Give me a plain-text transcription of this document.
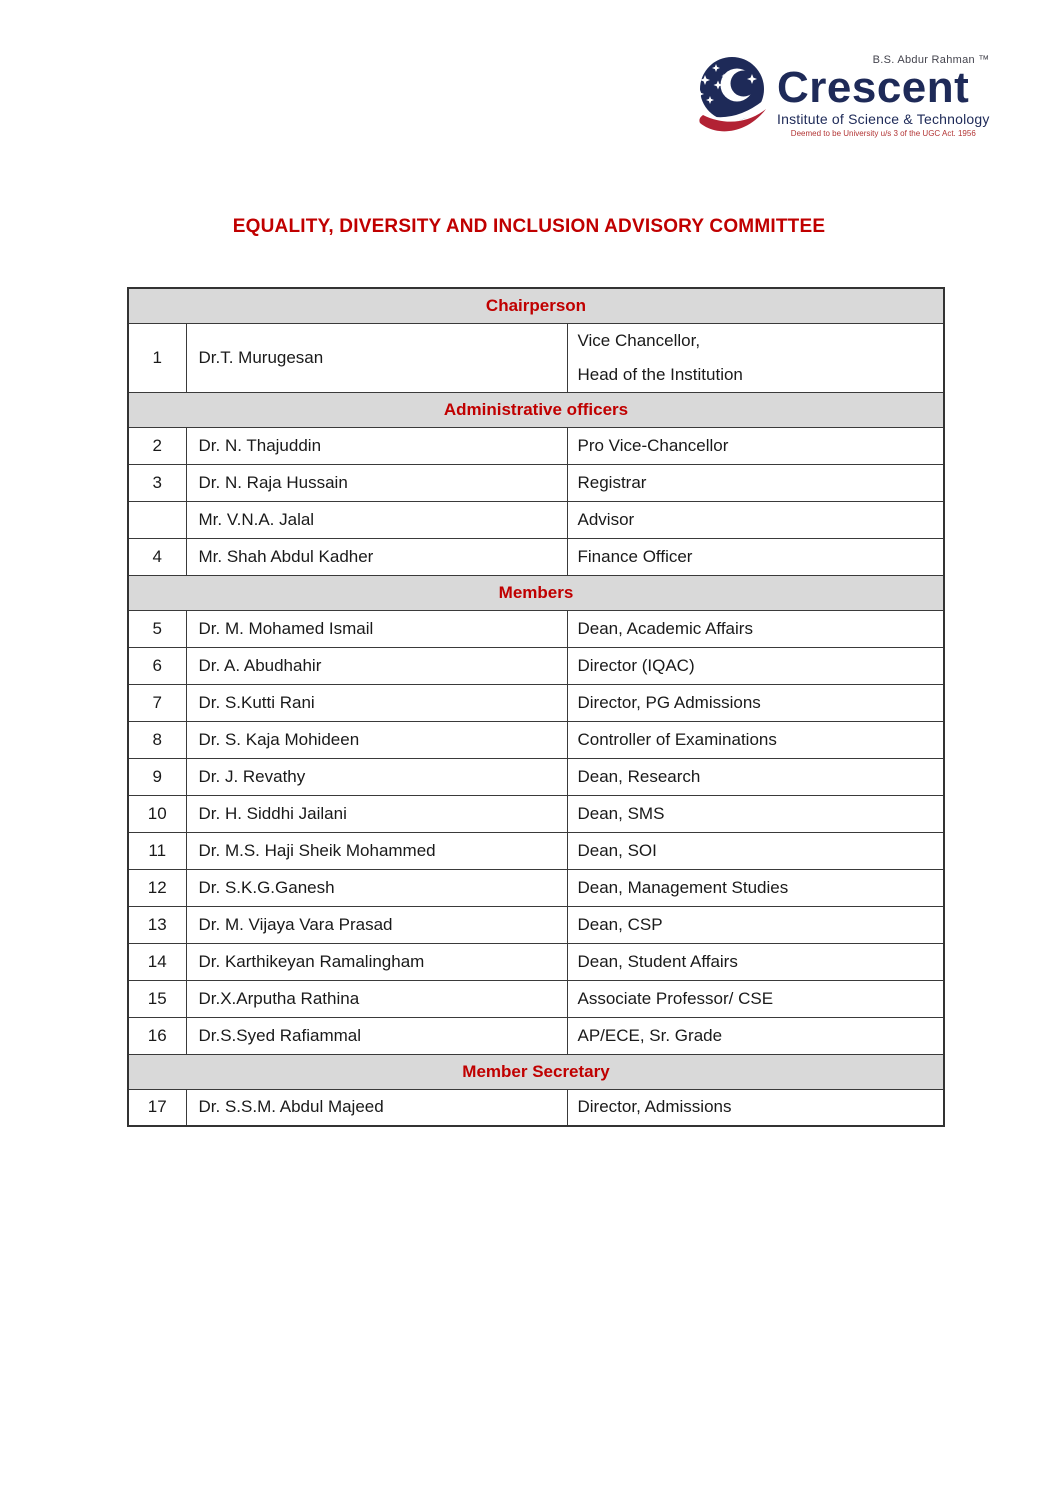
B.S. Abdur Rahman ™
Crescent
Institute of Science & Technology
Deemed to be University u/s 3 of the UGC Act. 1956
EQUALITY, DIVERSITY AND INCLUSION ADVISORY COMMITTEE
Chairperson		
1	Dr.T. Murugesan	Vice Chancellor,
Head of the Institution

Administrative officers		
2	Dr. N. Thajuddin	Pro Vice-Chancellor

3	Dr. N. Raja Hussain	Registrar

	Mr. V.N.A. Jalal	Advisor

4	Mr. Shah Abdul Kadher	Finance Officer

Members		
5	Dr. M. Mohamed Ismail	Dean, Academic Affairs

6	Dr. A. Abudhahir	Director (IQAC)

7	Dr. S.Kutti Rani	Director, PG Admissions

8	Dr. S. Kaja Mohideen	Controller of Examinations

9	Dr. J. Revathy	Dean, Research

10	Dr. H. Siddhi Jailani	Dean, SMS

11	Dr. M.S. Haji Sheik Mohammed	Dean, SOI

12	Dr. S.K.G.Ganesh	Dean, Management Studies

13	Dr. M. Vijaya Vara Prasad	Dean, CSP

14	Dr. Karthikeyan Ramalingham	Dean, Student Affairs

15	Dr.X.Arputha Rathina	Associate Professor/ CSE

16	Dr.S.Syed Rafiammal	AP/ECE, Sr. Grade

Member Secretary		
17	Dr. S.S.M. Abdul Majeed	Director, Admissions
